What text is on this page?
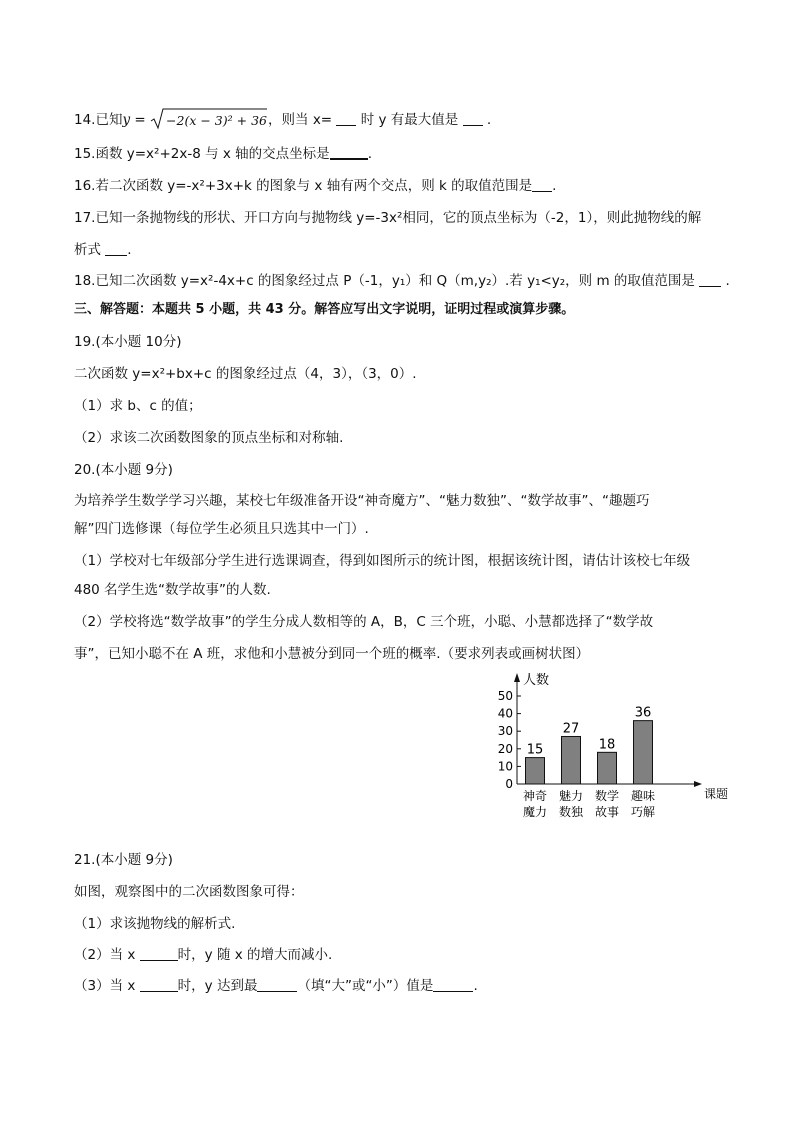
14.已知y = −2(x − 3)² + 36 ，则当 x=  时 y 有最大值是  .
15.函数 y=x²+2x-8 与 x 轴的交点坐标是	.
16.若二次函数 y=-x²+3x+k 的图象与 x 轴有两个交点，则 k 的取值范围是 .
17.已知一条抛物线的形状、开口方向与抛物线 y=-3x²相同，它的顶点坐标为（-2，1），则此抛物线的解
析式 .
18.已知二次函数 y=x²-4x+c 的图象经过点 P（-1，y₁）和 Q（m,y₂）.若 y₁<y₂，则 m 的取值范围是  .
三、解答题：本题共 5 小题，共 43 分。解答应写出文字说明，证明过程或演算步骤。
19.(本小题 10分)
二次函数 y=x²+bx+c 的图象经过点（4，3），（3，0）.
（1）求 b、c 的值；
（2）求该二次函数图象的顶点坐标和对称轴.
20.(本小题 9分)
为培养学生数学学习兴趣，某校七年级准备开设“神奇魔方”、“魅力数独”、“数学故事”、“趣题巧
解”四门选修课（每位学生必须且只选其中一门）.
（1）学校对七年级部分学生进行选课调查，得到如图所示的统计图，根据该统计图，请估计该校七年级
480 名学生选“数学故事”的人数.
（2）学校将选“数学故事”的学生分成人数相等的 A，B，C 三个班，小聪、小慧都选择了“数学故
事”，已知小聪不在 A 班，求他和小慧被分到同一个班的概率.（要求列表或画树状图）
人数
课题
0
10
20
30
40
50
15
神奇
魔力
27
魅力
数独
18
数学
故事
36
趣味
巧解
21.(本小题 9分)
如图，观察图中的二次函数图象可得：
（1）求该抛物线的解析式.
（2）当 x	时，y 随 x 的增大而减小.
（3）当 x	时，y 达到最	（填“大”或“小”）值是	.
